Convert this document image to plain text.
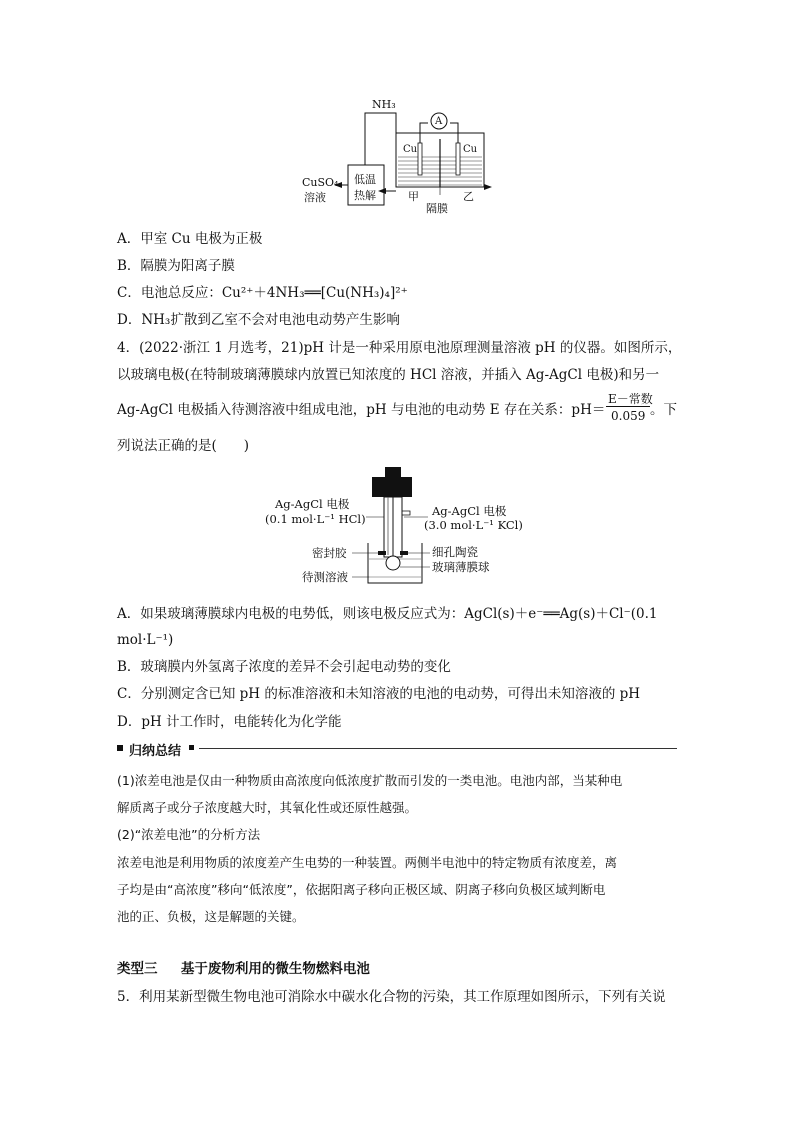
NH₃
A
Cu	Cu
CuSO₄
溶液
低温
热解	甲	乙
隔膜
A．甲室 Cu 电极为正极
B．隔膜为阳离子膜
C．电池总反应：Cu²⁺＋4NH₃══[Cu(NH₃)₄]²⁺
D．NH₃扩散到乙室不会对电池电动势产生影响
4．(2022·浙江 1 月选考，21)pH 计是一种采用原电池原理测量溶液 pH 的仪器。如图所示，
以玻璃电极(在特制玻璃薄膜球内放置已知浓度的 HCl 溶液，并插入 Ag-AgCl 电极)和另一
Ag-AgCl 电极插入待测溶液中组成电池，pH 与电池的电动势 E 存在关系：pH＝
E－常数
0.059 。下
列说法正确的是(　　)
Ag-AgCl 电极
(0.1 mol·L⁻¹ HCl)
Ag-AgCl 电极
(3.0 mol·L⁻¹ KCl)
密封胶
待测溶液
细孔陶瓷
玻璃薄膜球
A．如果玻璃薄膜球内电极的电势低，则该电极反应式为：AgCl(s)＋e⁻══Ag(s)＋Cl⁻(0.1
mol·L⁻¹)
B．玻璃膜内外氢离子浓度的差异不会引起电动势的变化
C．分别测定含已知 pH 的标准溶液和未知溶液的电池的电动势，可得出未知溶液的 pH
D．pH 计工作时，电能转化为化学能
归纳总结
(1)浓差电池是仅由一种物质由高浓度向低浓度扩散而引发的一类电池。电池内部，当某种电
解质离子或分子浓度越大时，其氧化性或还原性越强。
(2)“浓差电池”的分析方法
浓差电池是利用物质的浓度差产生电势的一种装置。两侧半电池中的特定物质有浓度差，离
子均是由“高浓度”移向“低浓度”，依据阳离子移向正极区域、阴离子移向负极区域判断电
池的正、负极，这是解题的关键。
类型三 基于废物利用的微生物燃料电池
5．利用某新型微生物电池可消除水中碳水化合物的污染，其工作原理如图所示，下列有关说
